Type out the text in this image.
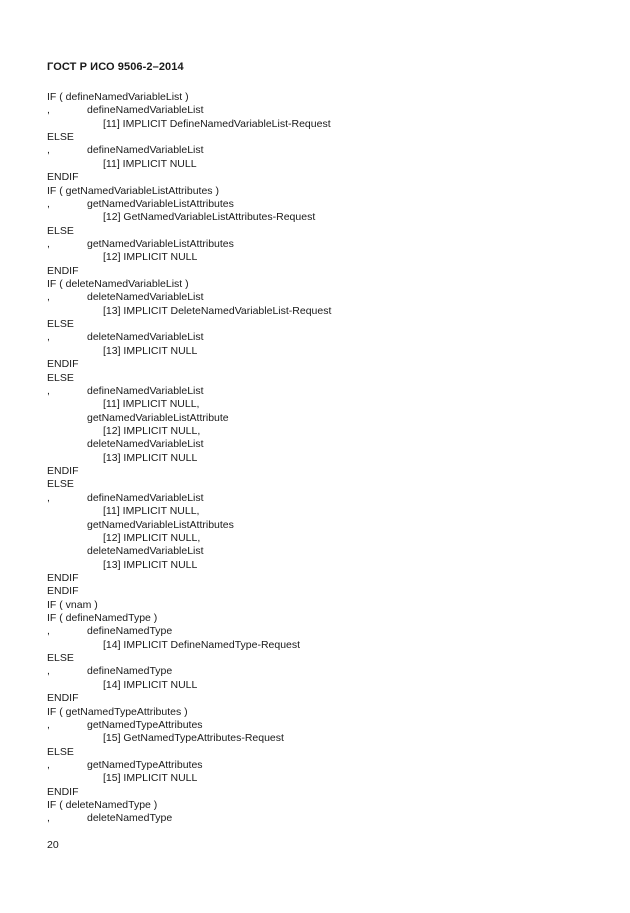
ГОСТ Р ИСО 9506-2–2014
IF ( defineNamedVariableList )
,	defineNamedVariableList
[11] IMPLICIT DefineNamedVariableList-Request
ELSE
,	defineNamedVariableList
[11] IMPLICIT NULL
ENDIF
IF ( getNamedVariableListAttributes )
,	getNamedVariableListAttributes
[12] GetNamedVariableListAttributes-Request
ELSE
,	getNamedVariableListAttributes
[12] IMPLICIT NULL
ENDIF
IF ( deleteNamedVariableList )
,	deleteNamedVariableList
[13] IMPLICIT DeleteNamedVariableList-Request
ELSE
,	deleteNamedVariableList
[13] IMPLICIT NULL
ENDIF
ELSE
,	defineNamedVariableList
[11] IMPLICIT NULL,
getNamedVariableListAttribute
[12] IMPLICIT NULL,
deleteNamedVariableList
[13] IMPLICIT NULL
ENDIF
ELSE
,	defineNamedVariableList
[11] IMPLICIT NULL,
getNamedVariableListAttributes
[12] IMPLICIT NULL,
deleteNamedVariableList
[13] IMPLICIT NULL
ENDIF
ENDIF
IF ( vnam )
IF ( defineNamedType )
,	defineNamedType
[14] IMPLICIT DefineNamedType-Request
ELSE
,	defineNamedType
[14] IMPLICIT NULL
ENDIF
IF ( getNamedTypeAttributes )
,	getNamedTypeAttributes
[15] GetNamedTypeAttributes-Request
ELSE
,	getNamedTypeAttributes
[15] IMPLICIT NULL
ENDIF
IF ( deleteNamedType )
,	deleteNamedType
20
